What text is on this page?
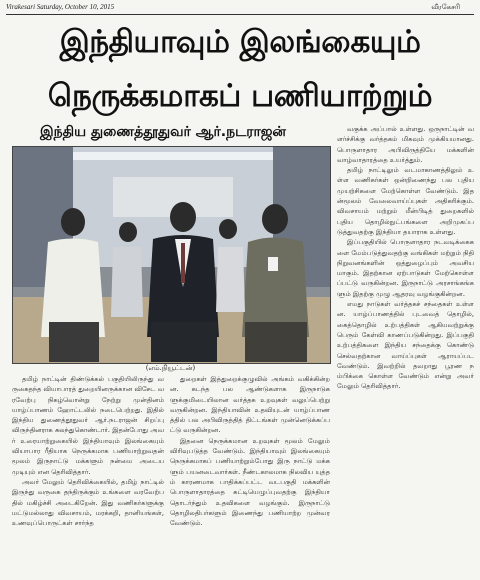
Virakesari Saturday, October 10, 2015	வீரகேசரி
இந்தியாவும் இலங்கையும்
நெருக்கமாகப் பணியாற்றும்
இந்திய துணைத்தூதுவர் ஆர்.நடராஜன்
(எம்.நியூட்டன்)

தமிழ் நாட்டின் திண்டுக்கல் பகுதியிலிருந்து வருகைதந்த வியாபாரத் துறையினருக்கான விசேட வரவேற்பு நிகழ்வொன்று நேற்று முன்தினம் யாழ்ப்பாணம் ஹோட்டலில் நடைபெற்றது. இதில் இந்திய துணைத்தூதுவர் ஆர்.நடராஜன் சிறப்பு விருந்தினராக கலந்துகொண்டார். இதன்போது அவர் உரையாற்றுகையில் இந்தியாவும் இலங்கையும் வியாபார ரீதியாக நெருக்கமாக பணியாற்றுவதன் மூலம் இருநாட்டு மக்களும் நன்மை அடைய முடியும் என தெரிவித்தார்.

அவர் மேலும் தெரிவிக்கையில், தமிழ் நாட்டில் இருந்து வருகை தந்திருக்கும் உங்களை வரவேற்பதில் மகிழ்ச்சி அடைகிறேன். இது வணிகர்களுக்கு மட்டுமல்லாது விவசாயம், மரக்கறி, தானியங்கள், உணவுப்பொருட்கள் சார்ந்த

துறைகள் இத்துறைக்குழுவில் அங்கம் வகிக்கின்றன. கடந்த பல ஆண்டுகளாக இருநாடுகளுக்குமிடையிலான வர்த்தக உறவுகள் வலுப்பெற்று வருகின்றன. இந்தியாவின் உதவியுடன் யாழ்ப்பாணத்தில் பல அபிவிருத்தித் திட்டங்கள் முன்னெடுக்கப்பட்டு வருகின்றன.

இதனை நெருக்கமான உறவுகள் மூலம் மேலும் விரிவுபடுத்த வேண்டும். இந்தியாவும் இலங்கையும் நெருக்கமாகப் பணியாற்றும்போது இரு நாட்டு மக்களும் பயனடைவார்கள். நீண்டகாலமாக நிலவிய யுத்தம் காரணமாக பாதிக்கப்பட்ட வடபகுதி மக்களின் பொருளாதாரத்தை கட்டியெழுப்புவதற்கு இந்தியா தொடர்ந்தும் உதவிகளை வழங்கும். இருநாட்டு தொழிலதிபர்களும் இணைந்து பணியாற்ற முன்வர வேண்டும்.

வகுக்க அப்பால் உள்ளது. ஒருநாட்டின் வளர்ச்சிக்கு வர்த்தகம் மிகவும் முக்கியமானது. பொருளாதார அபிவிருத்தியே மக்களின் வாழ்வாதாரத்தை உயர்த்தும்.

தமிழ் நாட்டிலும் வடமாகாணத்திலும் உள்ள வணிகர்கள் ஒன்றிணைந்து பல புதிய முயற்சிகளை மேற்கொள்ள வேண்டும். இதன்மூலம் வேலைவாய்ப்புகள் அதிகரிக்கும். விவசாயம் மற்றும் மீன்பிடித் துறைகளில் புதிய தொழில்நுட்பங்களை அறிமுகப்படுத்துவதற்கு இந்தியா தயாராக உள்ளது.

இப்பகுதியில் பொருளாதார நடவடிக்கைகளை மேம்படுத்துவதற்கு வங்கிகள் மற்றும் நிதி நிறுவனங்களின் ஒத்துழைப்பும் அவசியமாகும். இதற்கான ஏற்பாடுகள் மேற்கொள்ளப்பட்டு வருகின்றன. இருநாட்டு அரசாங்கங்களும் இதற்கு முழு ஆதரவு வழங்குகின்றன.

எமது நாடுகள் வர்த்தகச் சந்தைகள் உள்ளன. யாழ்ப்பாணத்தில் புடவைத் தொழில், கைத்தொழில் உற்பத்திகள் ஆகியவற்றுக்கு பெரும் கேள்வி காணப்படுகின்றது. இப்பகுதி உற்பத்திகளை இந்திய சந்தைக்கு கொண்டு செல்வதற்கான வாய்ப்புகள் ஆராயப்பட வேண்டும். இவற்றில் தவறாது பூரண நம்பிக்கை கொள்ள வேண்டும் என்று அவர் மேலும் தெரிவித்தார்.
